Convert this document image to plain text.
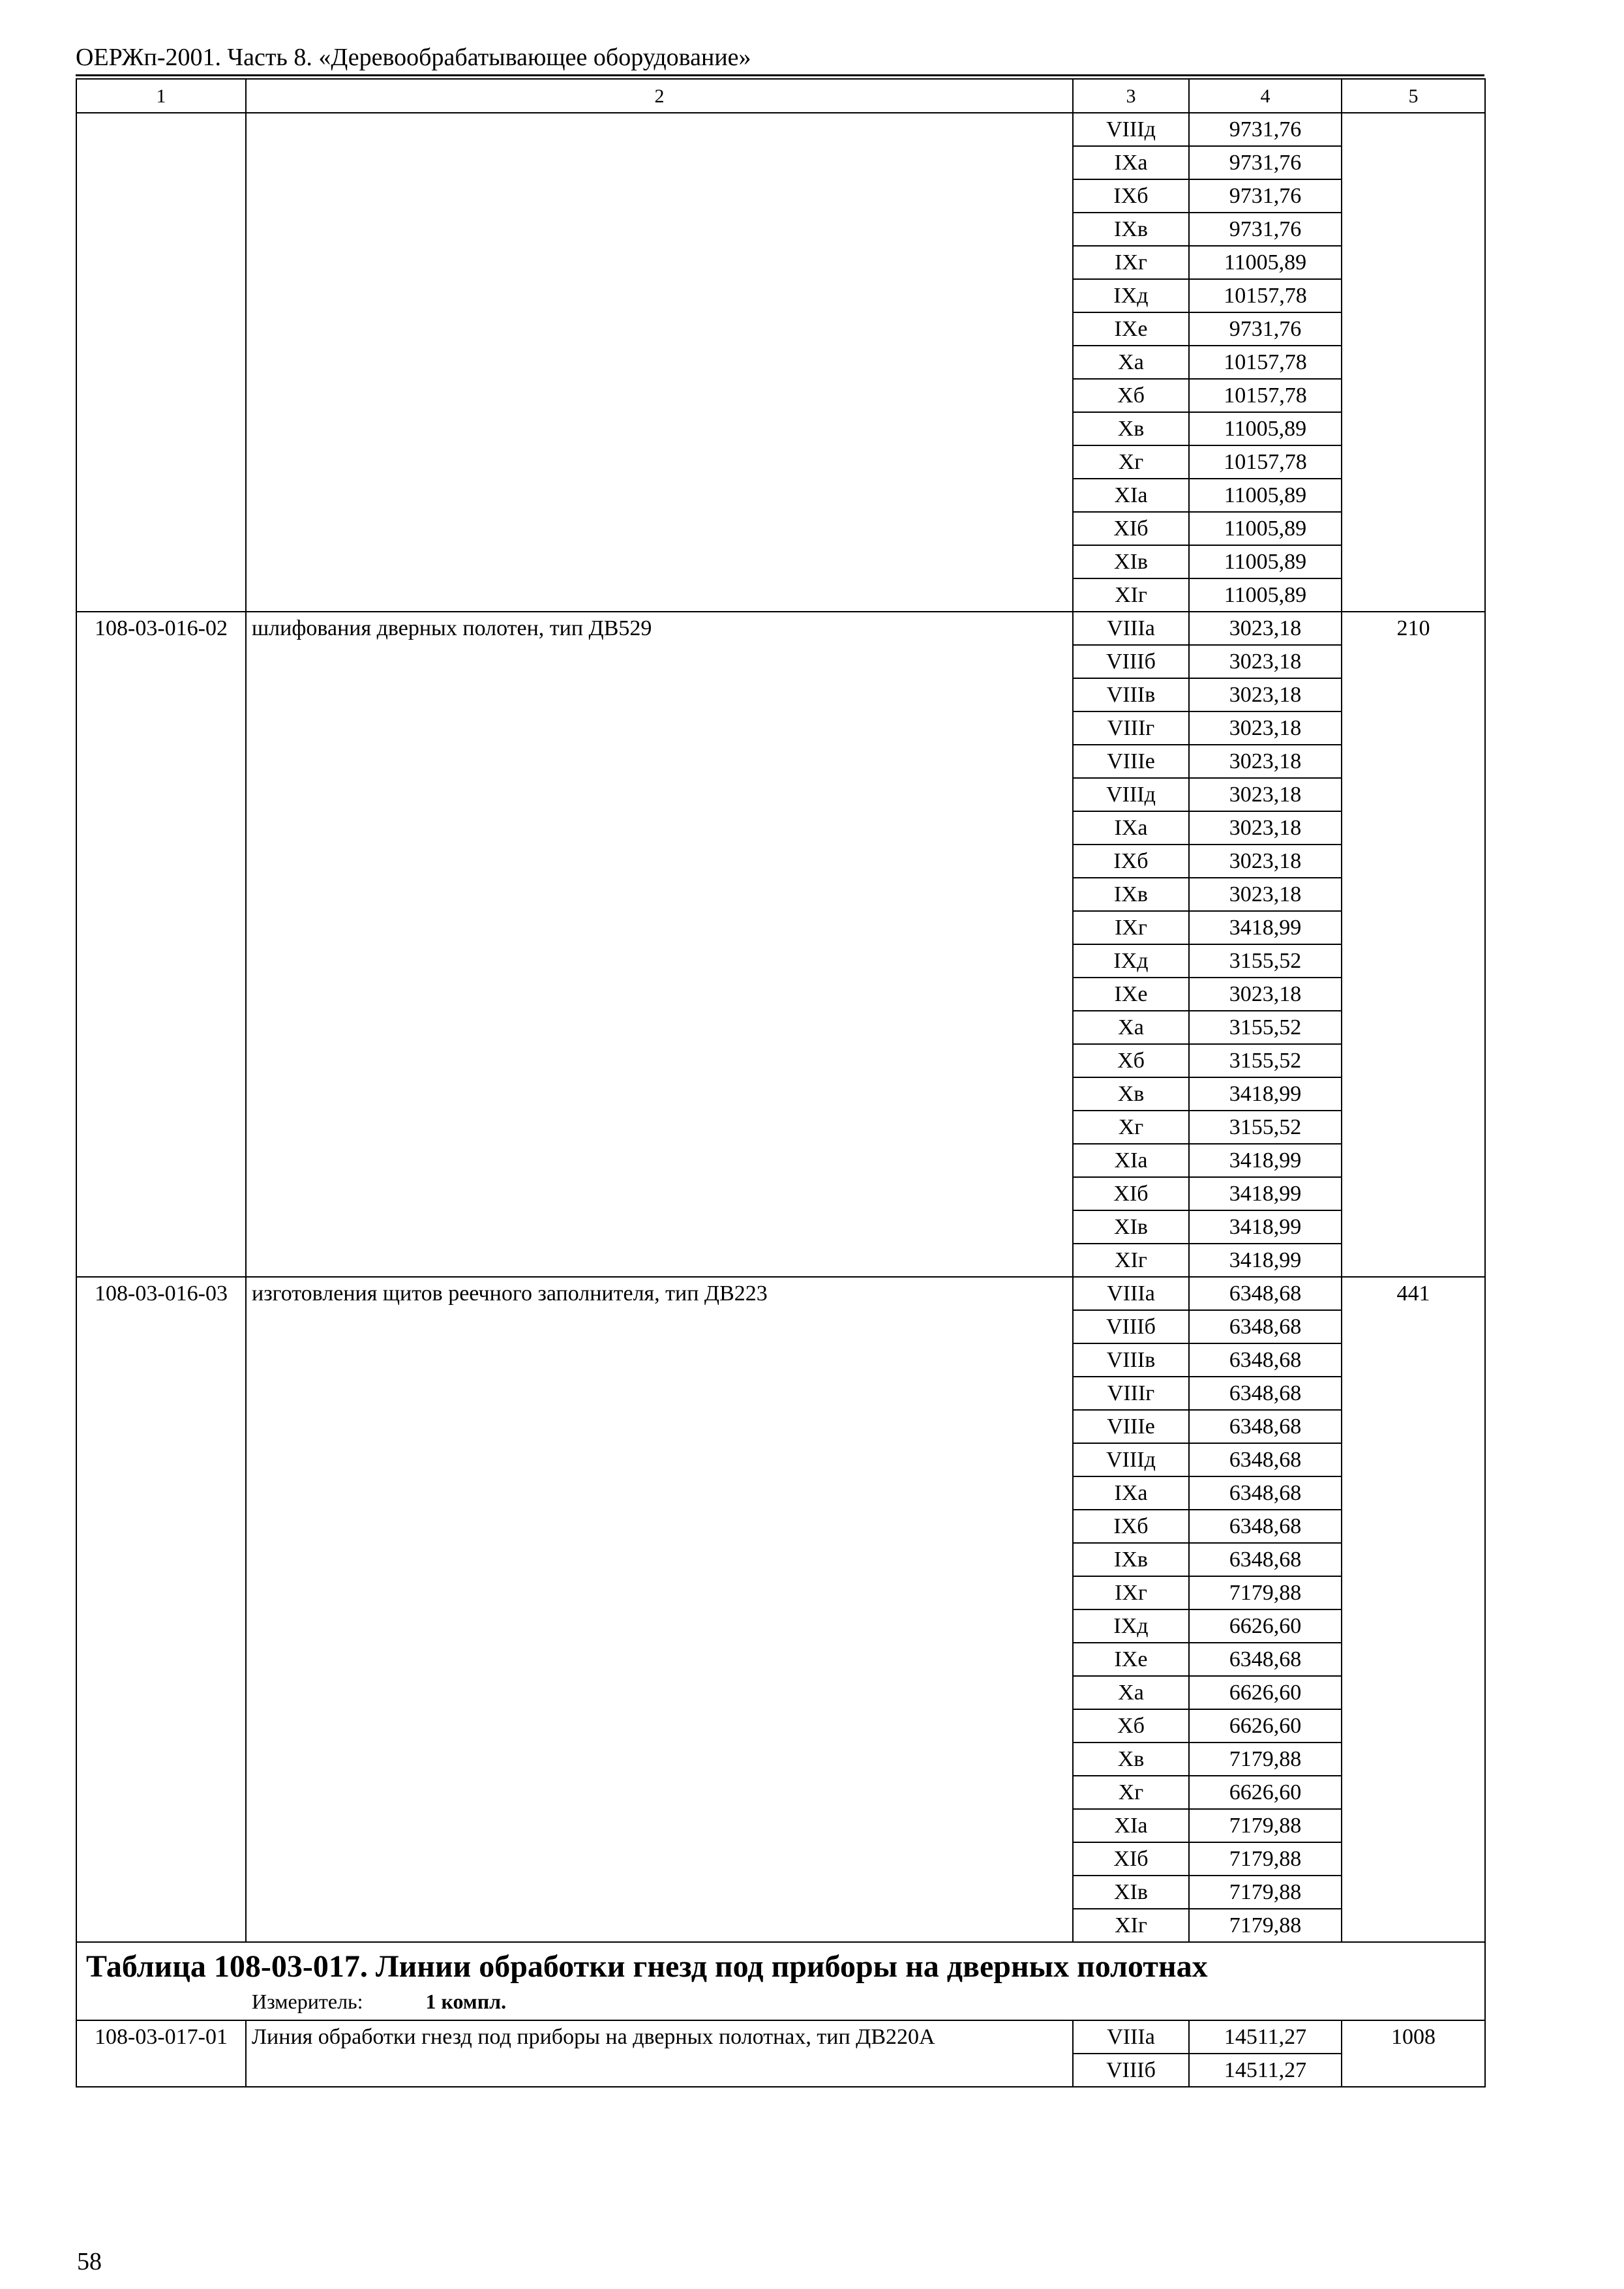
ОЕРЖп-2001. Часть 8. «Деревообрабатывающее оборудование»
1	2	3	4	5
		VIIIд	9731,76	
		IXа	9731,76	
		IXб	9731,76	
		IXв	9731,76	
		IXг	11005,89	
		IXд	10157,78	
		IXе	9731,76	
		Xа	10157,78	
		Xб	10157,78	
		Xв	11005,89	
		Xг	10157,78	
		XIа	11005,89	
		XIб	11005,89	
		XIв	11005,89	
		XIг	11005,89	
108-03-016-02	шлифования дверных полотен, тип ДВ529	VIIIа	3023,18	210
		VIIIб	3023,18	
		VIIIв	3023,18	
		VIIIг	3023,18	
		VIIIе	3023,18	
		VIIIд	3023,18	
		IXа	3023,18	
		IXб	3023,18	
		IXв	3023,18	
		IXг	3418,99	
		IXд	3155,52	
		IXе	3023,18	
		Xа	3155,52	
		Xб	3155,52	
		Xв	3418,99	
		Xг	3155,52	
		XIа	3418,99	
		XIб	3418,99	
		XIв	3418,99	
		XIг	3418,99	
108-03-016-03	изготовления щитов реечного заполнителя, тип ДВ223	VIIIа	6348,68	441
		VIIIб	6348,68	
		VIIIв	6348,68	
		VIIIг	6348,68	
		VIIIе	6348,68	
		VIIIд	6348,68	
		IXа	6348,68	
		IXб	6348,68	
		IXв	6348,68	
		IXг	7179,88	
		IXд	6626,60	
		IXе	6348,68	
		Xа	6626,60	
		Xб	6626,60	
		Xв	7179,88	
		Xг	6626,60	
		XIа	7179,88	
		XIб	7179,88	
		XIв	7179,88	
		XIг	7179,88	

Таблица 108-03-017. Линии обработки гнезд под приборы на дверных полотнах
Измеритель: 1 компл.				

108-03-017-01	Линия обработки гнезд под приборы на дверных полотнах, тип ДВ220А	VIIIа	14511,27	1008
		VIIIб	14511,27	
58
